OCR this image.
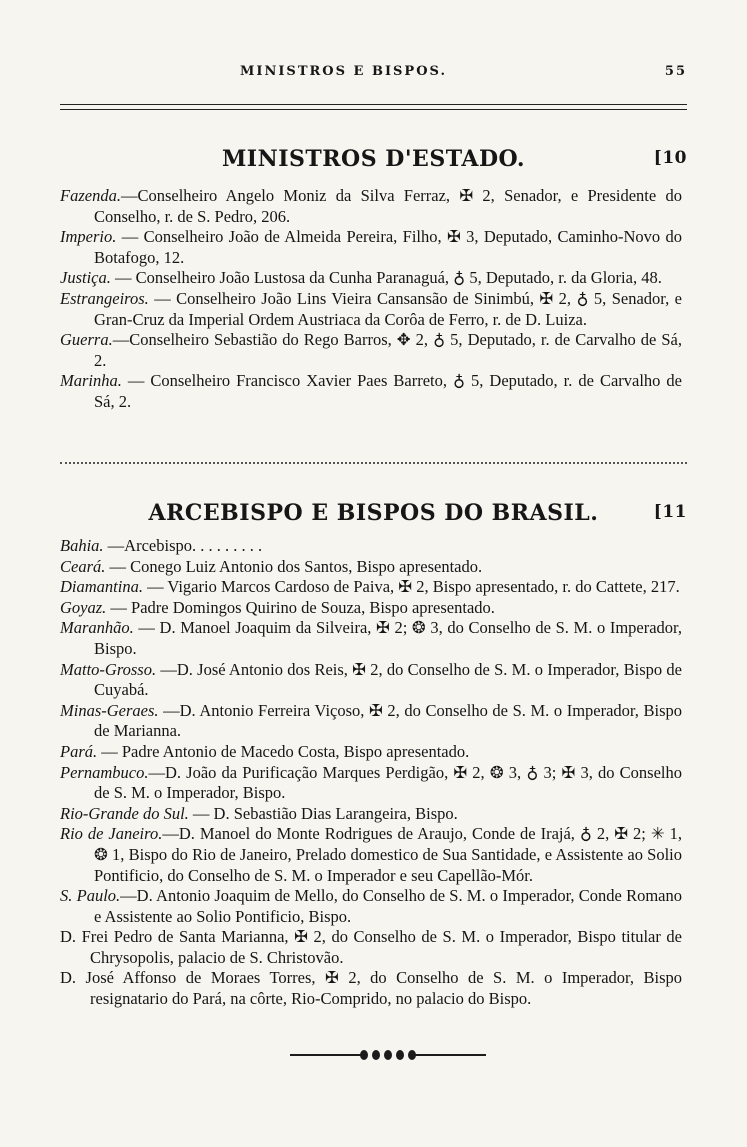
MINISTROS E BISPOS.	55
MINISTROS D'ESTADO.	[10

Fazenda.—Conselheiro Angelo Moniz da Silva Ferraz, ✠ 2, Senador, e Presidente do Conselho, r. de S. Pedro, 206.

Imperio. — Conselheiro João de Almeida Pereira, Filho, ✠ 3, Deputado, Caminho-Novo do Botafogo, 12.

Justiça. — Conselheiro João Lustosa da Cunha Paranaguá, ♁ 5, Deputado, r. da Gloria, 48.

Estrangeiros. — Conselheiro João Lins Vieira Cansansão de Sinimbú, ✠ 2, ♁ 5, Senador, e Gran-Cruz da Imperial Ordem Austriaca da Corôa de Ferro, r. de D. Luiza.

Guerra.—Conselheiro Sebastião do Rego Barros, ✥ 2, ♁ 5, Deputado, r. de Carvalho de Sá, 2.

Marinha. — Conselheiro Francisco Xavier Paes Barreto, ♁ 5, Deputado, r. de Carvalho de Sá, 2.

ARCEBISPO E BISPOS DO BRASIL.	[11

Bahia. —Arcebispo. . . . . . . . .

Ceará. — Conego Luiz Antonio dos Santos, Bispo apresentado.

Diamantina. — Vigario Marcos Cardoso de Paiva, ✠ 2, Bispo apresentado, r. do Cattete, 217.

Goyaz. — Padre Domingos Quirino de Souza, Bispo apresentado.

Maranhão. — D. Manoel Joaquim da Silveira, ✠ 2; ❂ 3, do Conselho de S. M. o Imperador, Bispo.

Matto-Grosso. —D. José Antonio dos Reis, ✠ 2, do Conselho de S. M. o Imperador, Bispo de Cuyabá.

Minas-Geraes. —D. Antonio Ferreira Viçoso, ✠ 2, do Conselho de S. M. o Imperador, Bispo de Marianna.

Pará. — Padre Antonio de Macedo Costa, Bispo apresentado.

Pernambuco.—D. João da Purificação Marques Perdigão, ✠ 2, ❂ 3, ♁ 3; ✠ 3, do Conselho de S. M. o Imperador, Bispo.

Rio-Grande do Sul. — D. Sebastião Dias Larangeira, Bispo.

Rio de Janeiro.—D. Manoel do Monte Rodrigues de Araujo, Conde de Irajá, ♁ 2, ✠ 2; ✳ 1, ❂ 1, Bispo do Rio de Janeiro, Prelado domestico de Sua Santidade, e Assistente ao Solio Pontificio, do Conselho de S. M. o Imperador e seu Capellão-Mór.

S. Paulo.—D. Antonio Joaquim de Mello, do Conselho de S. M. o Imperador, Conde Romano e Assistente ao Solio Pontificio, Bispo.

D. Frei Pedro de Santa Marianna, ✠ 2, do Conselho de S. M. o Imperador, Bispo titular de Chrysopolis, palacio de S. Christovão.

D. José Affonso de Moraes Torres, ✠ 2, do Conselho de S. M. o Imperador, Bispo resignatario do Pará, na côrte, Rio-Comprido, no palacio do Bispo.
